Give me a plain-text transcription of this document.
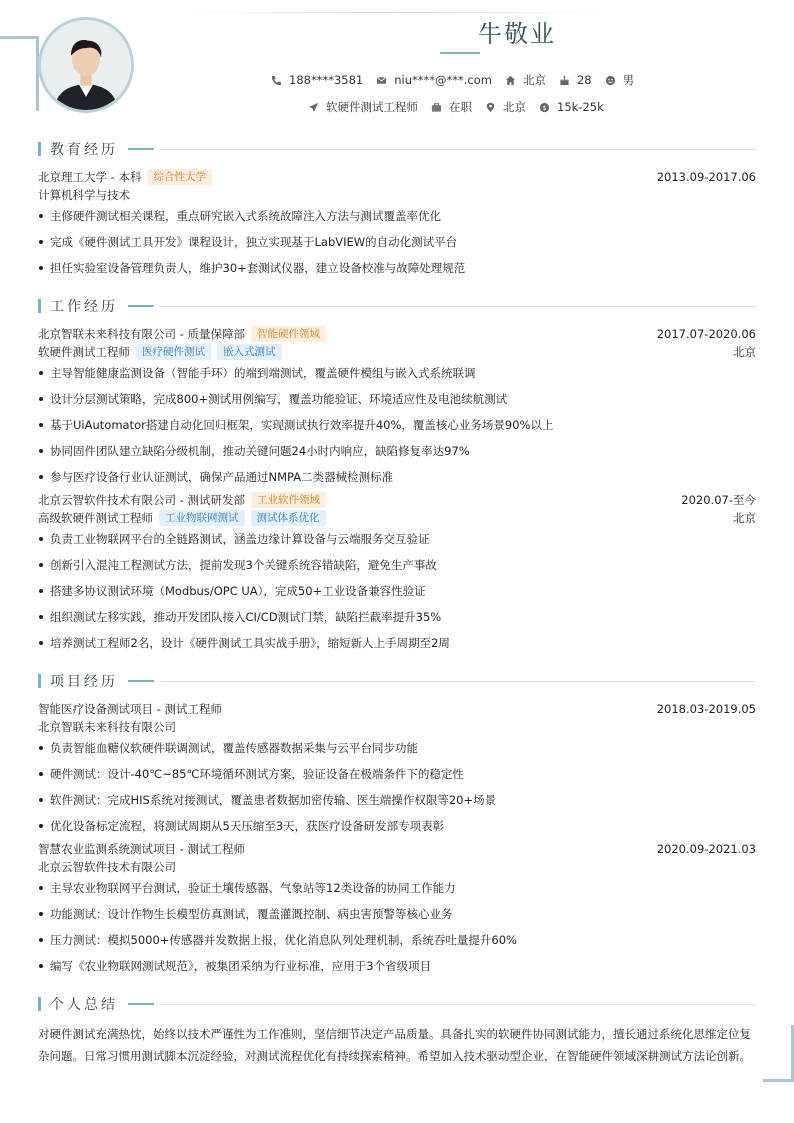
牛敬业
188****3581	niu****@***.com	北京	28	男
软硬件测试工程师	在职	北京 $ 15k-25k
教育经历
北京理工大学 - 本科	综合性大学	2013.09-2017.06
计算机科学与技术
主修硬件测试相关课程，重点研究嵌入式系统故障注入方法与测试覆盖率优化
完成《硬件测试工具开发》课程设计，独立实现基于LabVIEW的自动化测试平台
担任实验室设备管理负责人，维护30+套测试仪器，建立设备校准与故障处理规范
工作经历
北京智联未来科技有限公司 - 质量保障部	智能硬件领域	2017.07-2020.06
软硬件测试工程师	医疗硬件测试	嵌入式测试	北京
主导智能健康监测设备（智能手环）的端到端测试，覆盖硬件模组与嵌入式系统联调
设计分层测试策略，完成800+测试用例编写，覆盖功能验证、环境适应性及电池续航测试
基于UiAutomator搭建自动化回归框架，实现测试执行效率提升40%，覆盖核心业务场景90%以上
协同固件团队建立缺陷分级机制，推动关键问题24小时内响应，缺陷修复率达97%
参与医疗设备行业认证测试，确保产品通过NMPA二类器械检测标准
北京云智软件技术有限公司 - 测试研发部	工业软件领域	2020.07-至今
高级软硬件测试工程师	工业物联网测试	测试体系优化	北京
负责工业物联网平台的全链路测试，涵盖边缘计算设备与云端服务交互验证
创新引入混沌工程测试方法，提前发现3个关键系统容错缺陷，避免生产事故
搭建多协议测试环境（Modbus/OPC UA），完成50+工业设备兼容性验证
组织测试左移实践，推动开发团队接入CI/CD测试门禁，缺陷拦截率提升35%
培养测试工程师2名，设计《硬件测试工具实战手册》，缩短新人上手周期至2周
项目经历
智能医疗设备测试项目 - 测试工程师	2018.03-2019.05
北京智联未来科技有限公司
负责智能血糖仪软硬件联调测试，覆盖传感器数据采集与云平台同步功能
硬件测试：设计-40℃~85℃环境循环测试方案，验证设备在极端条件下的稳定性
软件测试：完成HIS系统对接测试，覆盖患者数据加密传输、医生端操作权限等20+场景
优化设备标定流程，将测试周期从5天压缩至3天，获医疗设备研发部专项表彰
智慧农业监测系统测试项目 - 测试工程师	2020.09-2021.03
北京云智软件技术有限公司
主导农业物联网平台测试，验证土壤传感器、气象站等12类设备的协同工作能力
功能测试：设计作物生长模型仿真测试，覆盖灌溉控制、病虫害预警等核心业务
压力测试：模拟5000+传感器并发数据上报，优化消息队列处理机制，系统吞吐量提升60%
编写《农业物联网测试规范》，被集团采纳为行业标准，应用于3个省级项目
个人总结
对硬件测试充满热忱，始终以技术严谨性为工作准则，坚信细节决定产品质量。具备扎实的软硬件协同测试能力，擅长通过系统化思维定位复杂问题。日常习惯用测试脚本沉淀经验，对测试流程优化有持续探索精神。希望加入技术驱动型企业，在智能硬件领域深耕测试方法论创新。
